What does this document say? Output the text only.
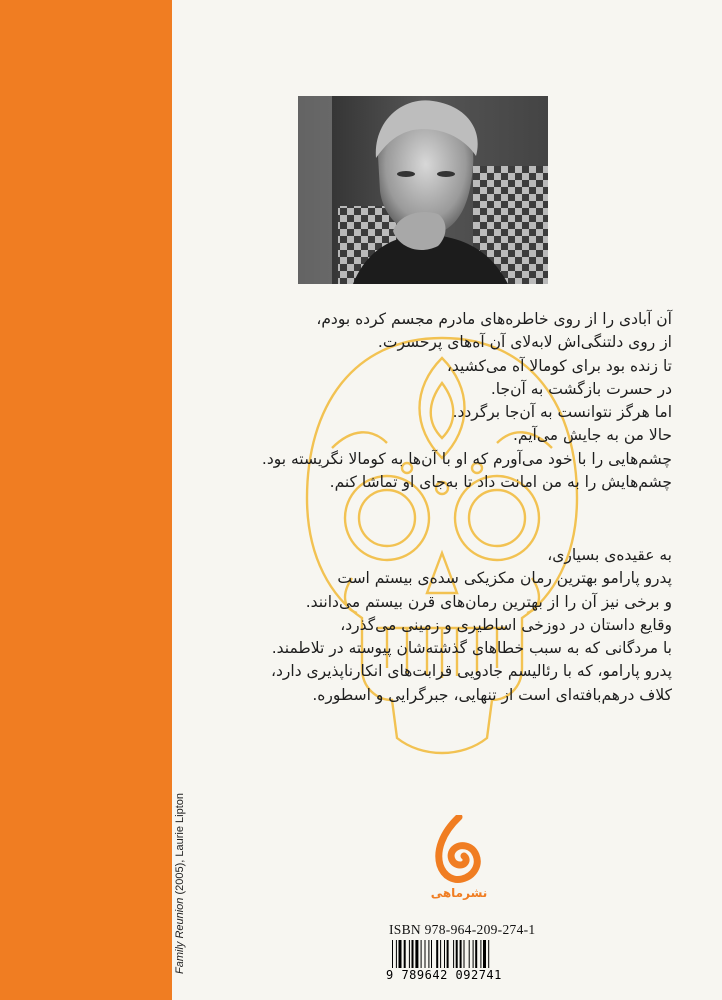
Family Reunion (2005), Laurie Lipton

آن آبادی را از روی خاطره‌های مادرم مجسم کرده بودم،

از روی دلتنگی‌اش لابه‌لای آن آه‌های پرحسرت.

تا زنده بود برای کومالا آه می‌کشید،

در حسرت بازگشت به آن‌جا.

اما هرگز نتوانست به آن‌جا برگردد.

حالا من به جایش می‌آیم.

چشم‌هایی را با خود می‌آورم که او با آن‌ها به کومالا نگریسته بود.

چشم‌هایش را به من امانت داد تا به‌جای او تماشا کنم.

به عقیده‌ی بسیاری،

پدرو پارامو بهترین رمان مکزیکی سده‌ی بیستم است

و برخی نیز آن را از بهترین رمان‌های قرن بیستم می‌دانند.

وقایع داستان در دوزخی اساطیری و زمینی می‌گذرد،

با مردگانی که به سبب خطاهای گذشته‌شان پیوسته در تلاطمند.

پدرو پارامو، که با رئالیسم جادویی قرابت‌های انکارناپذیری دارد،

کلاف درهم‌بافته‌ای است از تنهایی، جبرگرایی و اسطوره.

نشرماهی
ISBN 978-964-209-274-1
9 789642 092741
